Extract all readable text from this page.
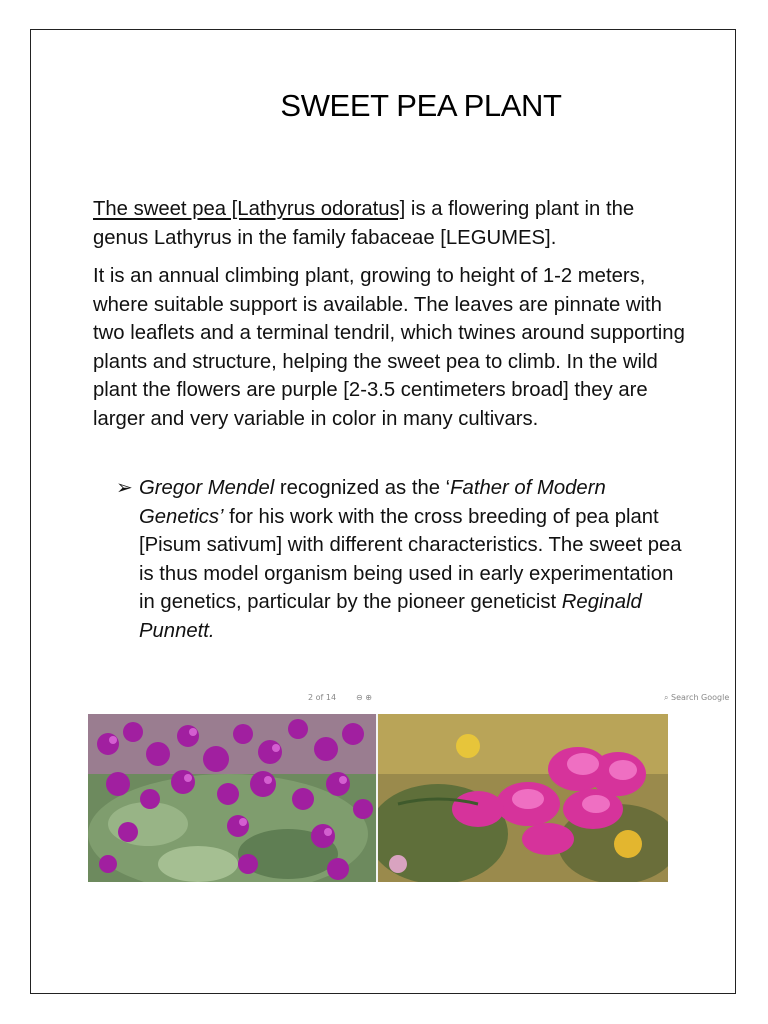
SWEET PEA PLANT
The sweet pea [Lathyrus odoratus] is a flowering plant in the genus Lathyrus in the family fabaceae [LEGUMES].
It is an annual climbing plant, growing to height of 1-2 meters, where suitable support is available. The leaves are pinnate with two leaflets and a terminal tendril, which twines around supporting plants and structure, helping the sweet pea to climb. In the wild plant the flowers are purple [2-3.5 centimeters broad] they are larger and very variable in color in many cultivars.
➢ Gregor Mendel recognized as the ‘Father of Modern Genetics’ for his work with the cross breeding of pea plant [Pisum sativum] with different characteristics. The sweet pea is thus model organism being used in early experimentation in genetics, particular by the pioneer geneticist Reginald Punnett.
2 of 14 ⊖ ⊕	⌕ Search Google
